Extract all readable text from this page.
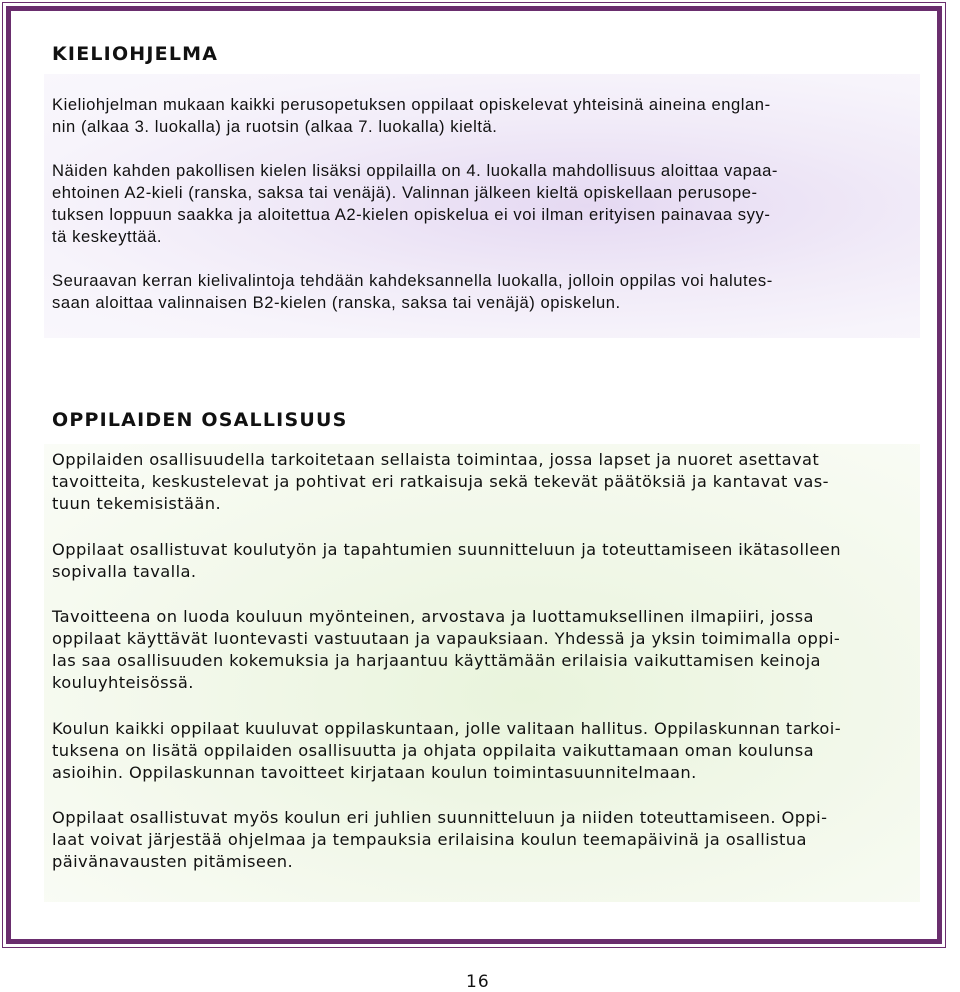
KIELIOHJELMA

Kieliohjelman mukaan kaikki perusopetuksen oppilaat opiskelevat yhteisinä aineina englan-
nin (alkaa 3. luokalla) ja ruotsin (alkaa 7. luokalla) kieltä.

Näiden kahden pakollisen kielen lisäksi oppilailla on 4. luokalla mahdollisuus aloittaa vapaa-
ehtoinen A2-kieli (ranska, saksa tai venäjä). Valinnan jälkeen kieltä opiskellaan perusope-
tuksen loppuun saakka ja aloitettua A2-kielen opiskelua ei voi ilman erityisen painavaa syy-
tä keskeyttää.

Seuraavan kerran kielivalintoja tehdään kahdeksannella luokalla, jolloin oppilas voi halutes-
saan aloittaa valinnaisen B2-kielen (ranska, saksa tai venäjä) opiskelun.

OPPILAIDEN OSALLISUUS

Oppilaiden osallisuudella tarkoitetaan sellaista toimintaa, jossa lapset ja nuoret asettavat
tavoitteita, keskustelevat ja pohtivat eri ratkaisuja sekä tekevät päätöksiä ja kantavat vas-
tuun tekemisistään.

Oppilaat osallistuvat koulutyön ja tapahtumien suunnitteluun ja toteuttamiseen ikätasolleen
sopivalla tavalla.

Tavoitteena on luoda kouluun myönteinen, arvostava ja luottamuksellinen ilmapiiri, jossa
oppilaat käyttävät luontevasti vastuutaan ja vapauksiaan. Yhdessä ja yksin toimimalla oppi-
las saa osallisuuden kokemuksia ja harjaantuu käyttämään erilaisia vaikuttamisen keinoja
kouluyhteisössä.

Koulun kaikki oppilaat kuuluvat oppilaskuntaan, jolle valitaan hallitus. Oppilaskunnan tarkoi-
tuksena on lisätä oppilaiden osallisuutta ja ohjata oppilaita vaikuttamaan oman koulunsa
asioihin. Oppilaskunnan tavoitteet kirjataan koulun toimintasuunnitelmaan.

Oppilaat osallistuvat myös koulun eri juhlien suunnitteluun ja niiden toteuttamiseen. Oppi-
laat voivat järjestää ohjelmaa ja tempauksia erilaisina koulun teemapäivinä ja osallistua
päivänavausten pitämiseen.

16
